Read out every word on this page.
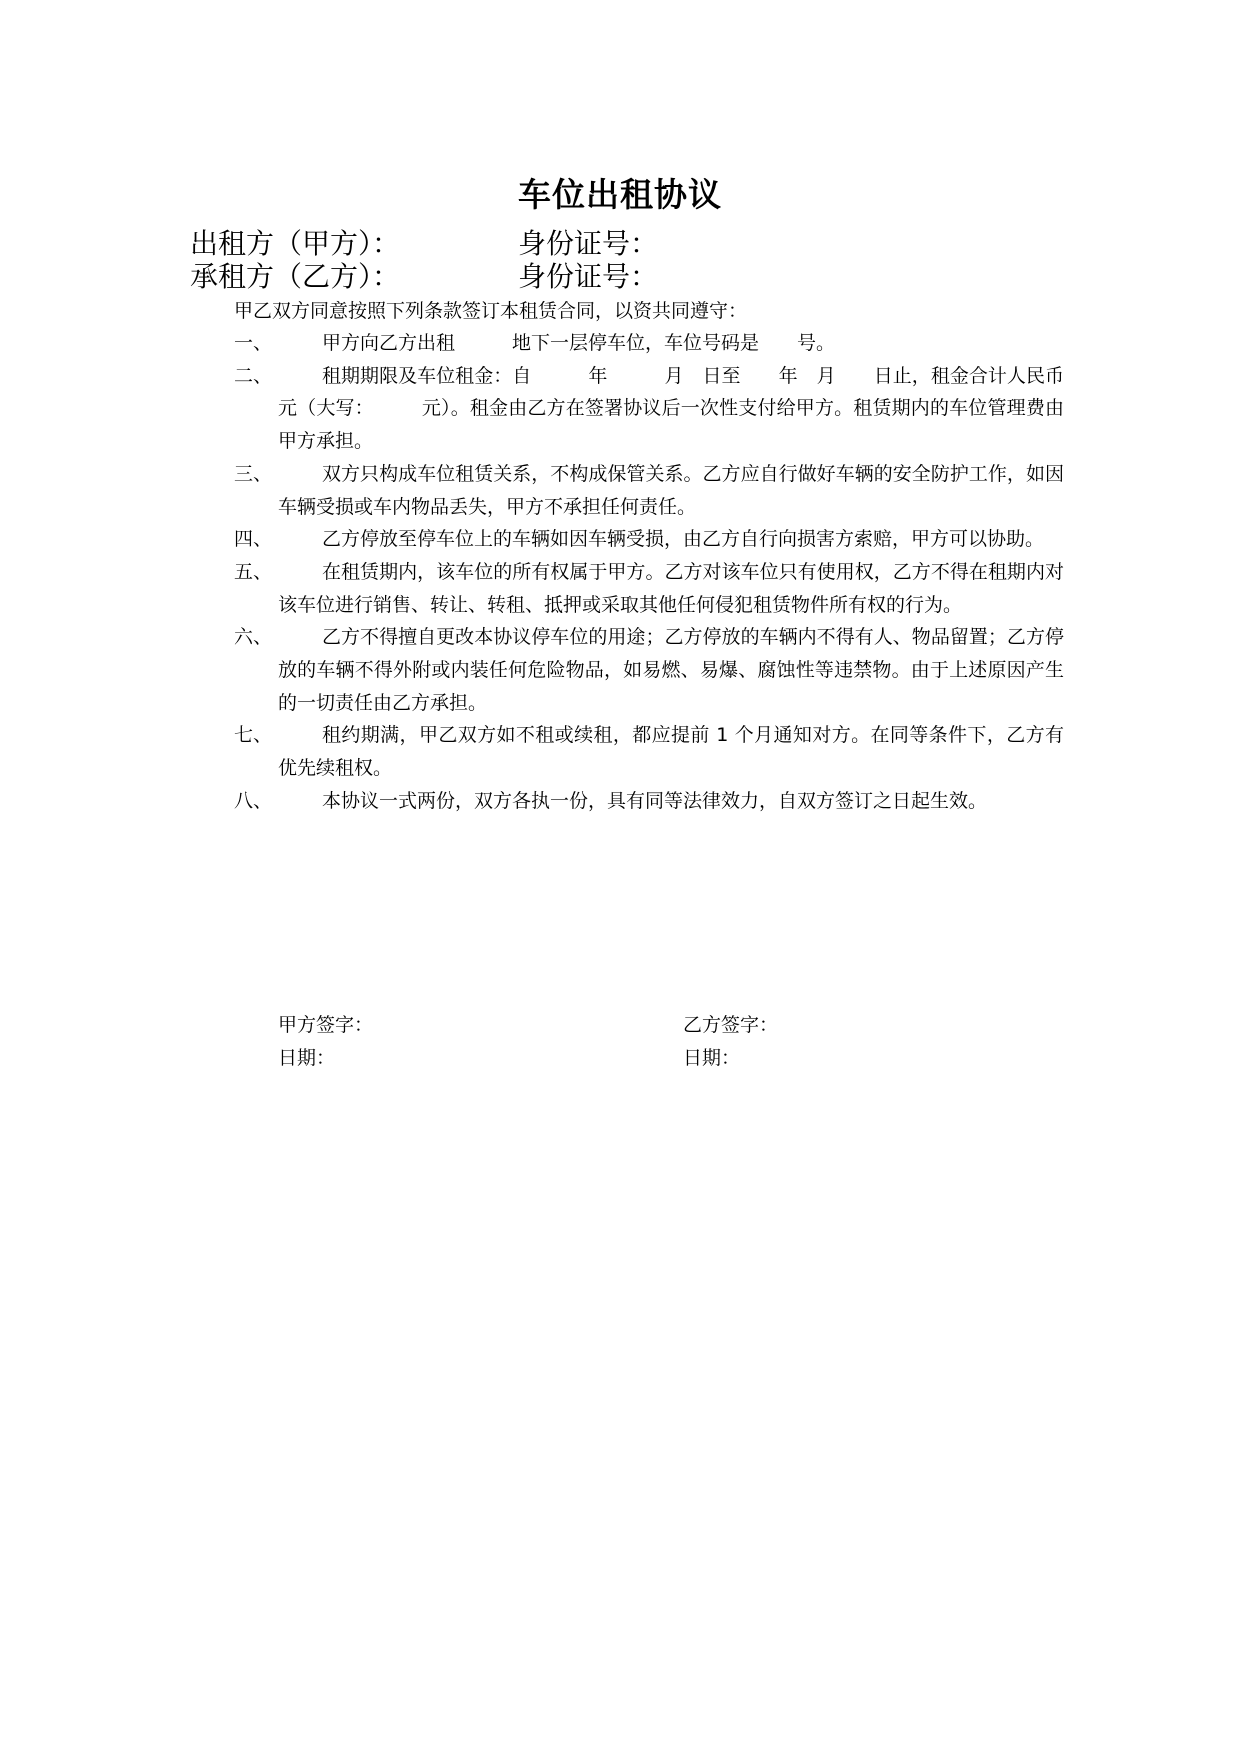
车位出租协议
出租方（甲方）：	身份证号：
承租方（乙方）：	身份证号：
甲乙双方同意按照下列条款签订本租赁合同，以资共同遵守：
一、	甲方向乙方出租　　　地下一层停车位，车位号码是　　号。
二、	租期期限及车位租金：自　　　年　　　月　日至　　年　月　　日止，租金合计人民币　　　元（大写：　　　元）。租金由乙方在签署协议后一次性支付给甲方。租赁期内的车位管理费由甲方承担。
三、	双方只构成车位租赁关系，不构成保管关系。乙方应自行做好车辆的安全防护工作，如因车辆受损或车内物品丢失，甲方不承担任何责任。
四、	乙方停放至停车位上的车辆如因车辆受损，由乙方自行向损害方索赔，甲方可以协助。
五、	在租赁期内，该车位的所有权属于甲方。乙方对该车位只有使用权，乙方不得在租期内对该车位进行销售、转让、转租、抵押或采取其他任何侵犯租赁物件所有权的行为。
六、	乙方不得擅自更改本协议停车位的用途；乙方停放的车辆内不得有人、物品留置；乙方停放的车辆不得外附或内装任何危险物品，如易燃、易爆、腐蚀性等违禁物。由于上述原因产生的一切责任由乙方承担。
七、	租约期满，甲乙双方如不租或续租，都应提前 1 个月通知对方。在同等条件下，乙方有优先续租权。
八、	本协议一式两份，双方各执一份，具有同等法律效力，自双方签订之日起生效。
甲方签字：	乙方签字：
日期：	日期：
